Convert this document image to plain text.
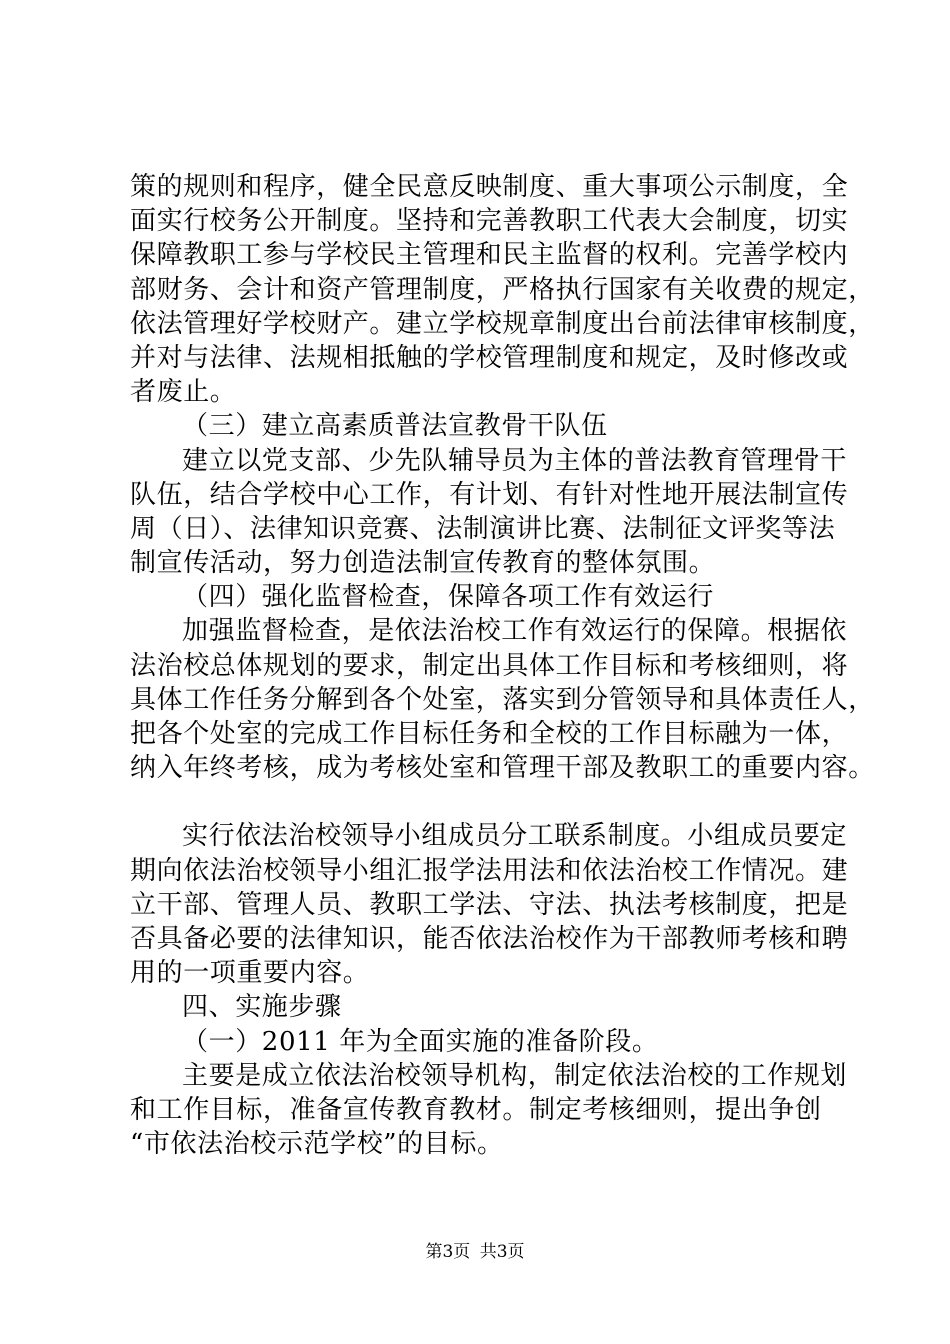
策的规则和程序，健全民意反映制度、重大事项公示制度，全
面实行校务公开制度。坚持和完善教职工代表大会制度，切实
保障教职工参与学校民主管理和民主监督的权利。完善学校内
部财务、会计和资产管理制度，严格执行国家有关收费的规定，
依法管理好学校财产。建立学校规章制度出台前法律审核制度，
并对与法律、法规相抵触的学校管理制度和规定，及时修改或
者废止。
（三）建立高素质普法宣教骨干队伍
建立以党支部、少先队辅导员为主体的普法教育管理骨干
队伍，结合学校中心工作，有计划、有针对性地开展法制宣传
周（日）、法律知识竞赛、法制演讲比赛、法制征文评奖等法
制宣传活动，努力创造法制宣传教育的整体氛围。
（四）强化监督检查，保障各项工作有效运行
加强监督检查，是依法治校工作有效运行的保障。根据依
法治校总体规划的要求，制定出具体工作目标和考核细则，将
具体工作任务分解到各个处室，落实到分管领导和具体责任人，
把各个处室的完成工作目标任务和全校的工作目标融为一体，
纳入年终考核，成为考核处室和管理干部及教职工的重要内容。
实行依法治校领导小组成员分工联系制度。小组成员要定
期向依法治校领导小组汇报学法用法和依法治校工作情况。建
立干部、管理人员、教职工学法、守法、执法考核制度，把是
否具备必要的法律知识，能否依法治校作为干部教师考核和聘
用的一项重要内容。
四、实施步骤
（一）2011 年为全面实施的准备阶段。
主要是成立依法治校领导机构，制定依法治校的工作规划
和工作目标，准备宣传教育教材。制定考核细则，提出争创
“市依法治校示范学校”的目标。
第3页 共3页
